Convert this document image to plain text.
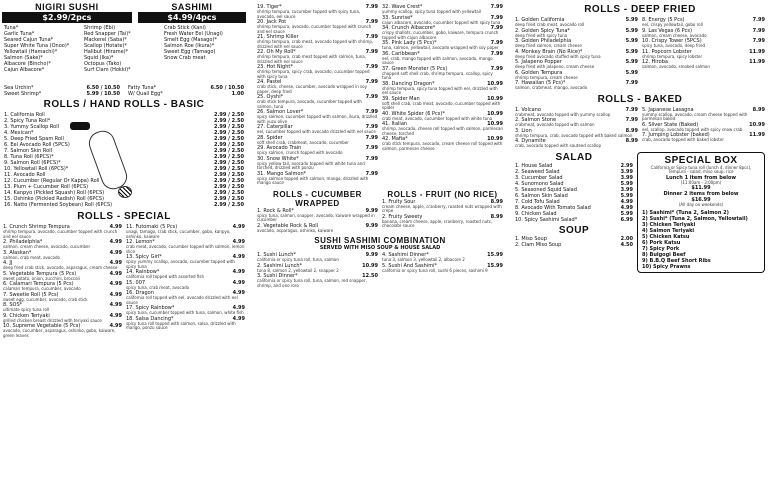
NIGIRI SUSHI
$2.99/2pcs
SASHIMI
$4.99/4pcs
Tuna*	Shrimp (Ebi)	Crab Stick (Kani)
Garlic Tuna*	Red Snapper (Tai)*	Fresh Water Eel (Unagi)
Seared Cajun Tuna*	Mackerel (Saba)*	Smelt Egg (Masago)*
Super White Tuna (Onoo)*	Scallop (Hotate)*	Salmon Roe (Ikura)*
Yellowtail (Hamachi)*	Halibut (Hirame)*	Sweet Egg (Tamago)
Salmon (Sake)*	Squid (Ika)*	Snow Crab meat
Albacore (Bincho)*	Octopus (Tako)
Cajun Albacore*	Surf Clam (Hokki)*
Sea Urchin*	6.50 / 10.50 Fatty Tuna*	6.50 / 10.50
Sweet Shrimp*	5.99 / 10.50 W/ Quail Egg*	1.00
ROLLS / HAND ROLLS - BASIC
1. California Roll	2.99 / 2.50
2. Spicy Tuna Roll*	2.99 / 2.50
3. Yummy Scallop Roll	2.99 / 2.50
4. Mexican*	2.99 / 2.50
5. Deep Fried Spam Roll	2.99 / 2.50
6. Eel Avocado Roll (5PCS)	2.99 / 2.50
7. Salmon Skin Roll	2.99 / 2.50
8. Tuna Roll (6PCS)*	2.99 / 2.50
9. Salmon Roll (6PCS)*	2.99 / 2.50
10. Yellowtail Roll (6PCS)*	2.99 / 2.50
11. Avocado Roll	2.99 / 2.50
12. Cucumber (Regular Or Kappa) Roll	2.99 / 2.50
13. Plum + Cucumber Roll (6PCS)	2.99 / 2.50
14. Kanpyo (Pickled Squash) Roll (6PCS)	2.99 / 2.50
15. Oshinko (Pickled Radish) Roll (6PCS)	2.99 / 2.50
16. Natto (Fermented Soybean) Roll (6PCS)	2.99 / 2.50
ROLLS - SPECIAL
1. Crunch Shrimp Tempura	4.99
shrimp tempura, avocado, cucumber topped with crunch and eel sauce
2. Philadelphia*	4.99
salmon, cream cheese, avocado, cucumber
3. Alaskan*	4.99
salmon, crab meat, avocado
4. JJ	4.99
deep fried crab stick, avocado, asparagus, cream cheese
5. Vegetable Tempura (5 Pcs)	4.99
sweet potato, onion, zucchini, broccoli
6. Calamari Tempura (5 Pcs)	4.99
calamari tempura, cucumber, avocado
7. Sweetie Roll (5 Pcs)	4.99
sweet egg, cucumber, avocado, crab stick
8. SOS*	4.99
ultimate spicy tuna roll
9. Chicken Teriyaki	4.99
grilled chicken breast drizzled with teriyaki sauce
10. Supreme Vegetable (5 Pcs)	4.99
avocado, cucumber, asparagus, oshinko, gobo, kaiware, green leaves
11. Futomaki (5 Pcs)	4.99
unagi, tamago, crab stick, cucumber, gobo, kanpyo, oshinko, kaiware
12. Lemon*	4.99
crab meat, avocado, cucumber topped with salmon, lemon slice
13. Spicy Girl*	4.99
spicy yummy scallop, avocado, cucumber topped with spicy tuna
14. Rainbow*	4.99
california roll topped with assorted fish
15. 007	4.99
spicy tuna, crab meat, avocado
16. Dragon	4.99
california roll topped with eel, avocado drizzled with eel sauce
17. Spicy Rainbow*	4.99
spicy tuna, cucumber topped with tuna, salmon, white fish
18. Salsa Dancing*	4.99
spicy tuna roll topped with salmon, salsa, drizzled with mango, ponzu sauce
19. Tiger*	7.99
shrimp tempura, cucumber topped with spicy tuna, avocado, eel sauce
20. Jack Pot	7.99
shrimp tempura, avocado, cucumber topped with crunch and eel sauce
21. Shrimp Killer	7.99
shrimp tempura, crab meat, avocado topped with shrimp, drizzled with eel sauce
22. Oh My Roll*	7.99
shrimp tempura, crab meat topped with salmon, tuna, drizzled with eel sauce
23. Hot Night*	7.99
shrimp tempura, spicy crab, avocado, cucumber topped with spicy tuna
24. Pastel	7.99
crab stick, cheese, cucumber, avocado wrapped in soy paper, deep fried
25. Oyshi*	7.99
crab stick tempura, avocado, cucumber topped with salmon, tuna
26. Salmon Lover*	7.99
spicy salmon, cucumber topped with salmon, ikura, drizzled with yuzu olive
27. Caterpillar	7.99
eel, cucumber topped with avocado drizzled with eel sauce
28. Spider	7.99
soft shell crab, crabmeat, avocado, cucumber
29. Avocado Train	7.99
spicy salmon, crunch topped with avocado
30. Snow White*	7.99
spicy yellow tail, avocado topped with white tuna and torched, drizzled with ponzu
31. Mango Salmon*	7.99
spicy salmon topped with salmon, mango, drizzled with mango sauce
32. Wave Crest*	7.99
yummy scallop, spicy tuna topped with yellowtail
33. Sunrise*	7.99
cajun albacore, avocado, cucumber topped with spicy tuna
34. Crunch Albacore*	7.99
crispy shallots, cucumber, gobo, kaiware, tempura crunch topped with cajun albacore
35. Pink Lady (5 Pcs)*	7.99
tuna, salmon, yellowtail, avocado wrapped with soy paper
36. Caribbean*	7.99
eel, crab, mango topped with salmon, avocado, mango sauce
37. Green Monster (5 Pcs)	7.99
chopped soft shell crab, shrimp tempura, scallop, spicy tuna
38. Dancing Dragon*	10.99
shrimp tempura, spicy tuna topped with eel, drizzled with eel sauce
39. Spider Man	10.99
soft shell crab, crab meat, avocado, cucumber topped with spider
40. White Spider (6 Pcs)*	10.99
crab meat, avocado, cucumber topped with white tuna
41. Italian	10.99
shrimp, avocado, cheese roll topped with salmon, parmesan cheese, torched
42. Mafia*	10.99
crab stick tempura, avocado, cream cheese roll topped with salmon, parmesan cheese
ROLLS - CUCUMBER WRAPPED
1. Rock & Roll*	9.99
spicy tuna, salmon, snapper, avocado, kaiware wrapped in cucumber
2. Vegetable Rock & Roll	9.99
avocado, asparagus, oshinko, kaiware
ROLLS - FRUIT (NO RICE)
1. Fruity Sour	8.99
cream cheese, apple, cranberry, roasted nuts wrapped with crepe
2. Fruity Sweety	8.99
banana, cream cheese, apple, cranberry, roasted nuts, chocolate sauce
SUSHI SASHIMI COMBINATION
SERVED WITH MISO SOUP & HOUSE SALAD
1. Sushi Lunch*	9.99
california or spicy tuna roll, tuna, salmon
2. Sashimi Lunch*	10.99
tuna 8, salmon 2, yellowtail 2, snapper 2
3. Sushi Dinner*	12.50
california or spicy tuna roll, tuna, salmon, red snapper, shrimp, and ono roro
4. Sashimi Dinner*	15.99
tuna 3, salmon 3, yellowtail 2, albacore 2
5. Sushi And Sashimi*	15.99
california or spicy tuna roll, sushi 6 pieces, sashimi 9
ROLLS - DEEP FRIED
1. Golden California	5.99
deep fried crab meat, avocado roll
2. Golden Spicy Tuna*	5.99
deep fried with spicy tuna
3. Golden Philadelphia	5.99
deep fried salmon, cream cheese
4. Monkey Brain (No Rice)*	5.99
deep fried avocado stuffed with spicy tuna
5. Jalapeno Popper	5.99
deep fried with jalapeno, cream cheese
6. Golden Tempura	5.99
shrimp tempura, cream cheese
7. Hawaiian (5 Pcs)*	7.99
salmon, crabmeat, mango, avocado
8. Energy (5 Pcs)	7.99
eel, crispy yellowtail, gobo roll
9. Las Vegas (6 Pcs)	7.99
salmon, cream cheese, avocado
10. Crispy Tower (5PCS)	7.99
spicy tuna, avocado, deep fried
11. Popcorn Lobster	11.99
shrimp tempura, spicy lobster
12. Hiroba	11.99
salmon, avocado, smoked salmon
ROLLS - BAKED
1. Volcano	7.99
crabmeat, avocado topped with yummy scallop
2. Salmon Stone	7.99
crabmeat, avocado topped with salmon
3. Lion	8.99
shrimp tempura, crab, avocado topped with baked salmon
4. Dynamite	8.99
crab, avocado topped with sauteed scallop
5. Japanese Lasagna	8.99
yummy scallop, avocado, cream cheese topped with parmesan baked
6. Silver State (Baked)	10.99
eel, scallop, avocado topped with spicy snow crab
7. Jumping Lobster (baked)	11.99
crab, avocado topped with baked lobster
SALAD
1. House Salad	2.99
2. Seaweed Salad	3.99
3. Cucumber Salad	3.99
4. Sunomono Salad	5.99
5. Seasoned Squid Salad	3.99
6. Salmon Skin Salad	5.99
7. Cold Tofu Salad	4.99
8. Avocado With Tomato Salad	4.99
9. Chicken Salad	5.99
10. Spicy Sashimi Salad*	6.99
SOUP
1. Miso Soup	2.00
2. Clam Miso Soup	4.50
SPECIAL BOX
California or Spicy tuna roll (lunch 4, dinner 8pcs), Tempura - salad, miso soup, rice
Lunch 1 item from below
(11:00am - 3:00pm)
$11.99
Dinner 2 items from below
$16.99
(All day on weekends)
1) Sashimi* (Tuna 2, Salmon 2)
2) Sushi* (Tuna 2, Salmon, Yellowtail)
3) Chicken Teriyaki
4) Salmon Teriyaki
5) Chicken Katsu
6) Pork Katsu
7) Spicy Pork
8) Bulgogi Beef
9) B.B.Q Beef Short Ribs
10) Spicy Prawns
